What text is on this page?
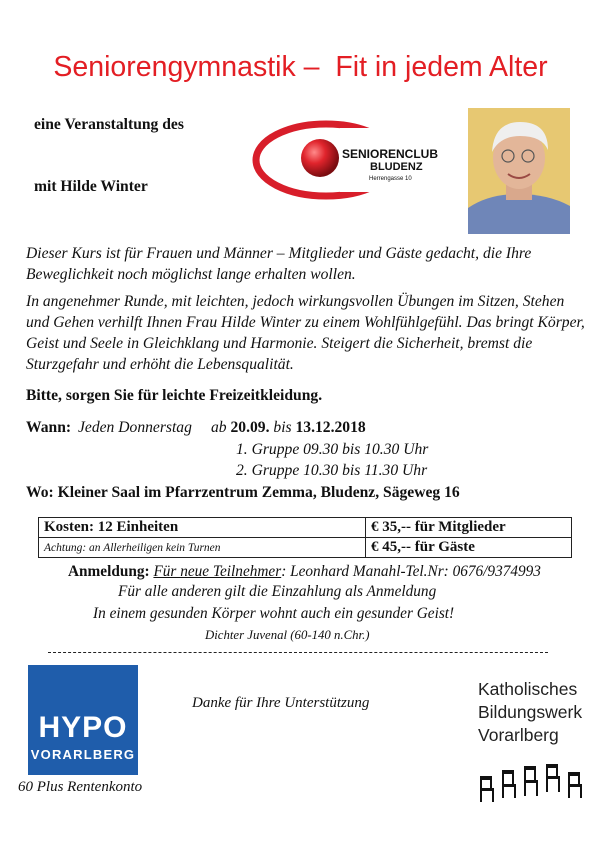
Seniorengymnastik –  Fit in jedem Alter
eine Veranstaltung des
mit Hilde Winter
SENIORENCLUB
BLUDENZ
Herrengasse 10
Dieser Kurs ist für Frauen und Männer – Mitglieder und Gäste gedacht, die Ihre Beweglichkeit noch möglichst lange erhalten wollen.
In angenehmer Runde, mit leichten, jedoch wirkungsvollen Übungen im Sitzen, Stehen und Gehen verhilft Ihnen Frau Hilde Winter zu einem Wohlfühlgefühl. Das bringt Körper, Geist und Seele in Gleichklang und Harmonie. Steigert die Sicherheit, bremst die Sturzgefahr und erhöht die Lebensqualität.
Bitte, sorgen Sie für leichte Freizeitkleidung.
Wann: Jeden Donnerstag ab 20.09. bis 13.12.2018
1. Gruppe 09.30 bis 10.30 Uhr
2. Gruppe 10.30 bis 11.30 Uhr
Wo: Kleiner Saal im Pfarrzentrum Zemma, Bludenz, Sägeweg 16
Kosten: 12 Einheiten	€ 35,-- für Mitglieder
Achtung: an Allerheiligen kein Turnen	€ 45,-- für Gäste
Anmeldung: Für neue Teilnehmer: Leonhard Manahl-Tel.Nr: 0676/9374993
Für alle anderen gilt die Einzahlung als Anmeldung
In einem gesunden Körper wohnt auch ein gesunder Geist!
Dichter Juvenal (60-140 n.Chr.)
HYPO
VORARLBERG
60 Plus Rentenkonto
Danke für Ihre Unterstützung
Katholisches
Bildungswerk
Vorarlberg
